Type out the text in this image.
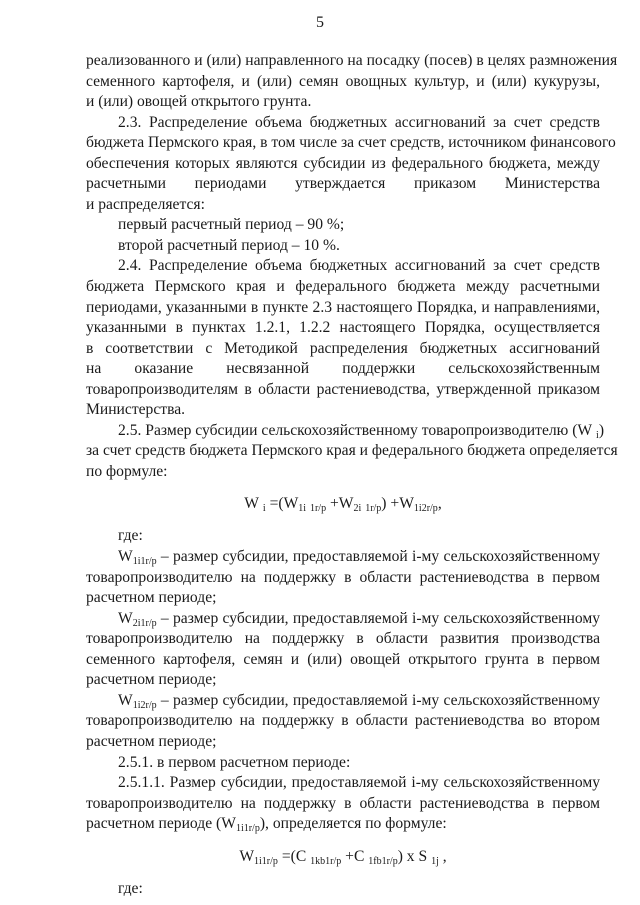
5
реализованного и (или) направленного на посадку (посев) в целях размножения
семенного картофеля, и (или) семян овощных культур, и (или) кукурузы,
и (или) овощей открытого грунта.
2.3. Распределение объема бюджетных ассигнований за счет средств
бюджета Пермского края, в том числе за счет средств, источником финансового
обеспечения которых являются субсидии из федерального бюджета, между
расчетными периодами утверждается приказом Министерства
и распределяется:
первый расчетный период – 90 %;
второй расчетный период – 10 %.
2.4. Распределение объема бюджетных ассигнований за счет средств
бюджета Пермского края и федерального бюджета между расчетными
периодами, указанными в пункте 2.3 настоящего Порядка, и направлениями,
указанными в пунктах 1.2.1, 1.2.2 настоящего Порядка, осуществляется
в соответствии с Методикой распределения бюджетных ассигнований
на оказание несвязанной поддержки сельскохозяйственным
товаропроизводителям в области растениеводства, утвержденной приказом
Министерства.
2.5. Размер субсидии сельскохозяйственному товаропроизводителю (W $_i$)
за счет средств бюджета Пермского края и федерального бюджета определяется
по формуле:
W $_i =(W_{1i}$ $_{1r/p} +W_{2i}$ $_{1r/p}) +W_{1i2r/p}$,
где:
$W_{1i1r/p}$ – размер субсидии, предоставляемой i-му сельскохозяйственному
товаропроизводителю на поддержку в области растениеводства в первом
расчетном периоде;
$W_{2i1r/p}$ – размер субсидии, предоставляемой i-му сельскохозяйственному
товаропроизводителю на поддержку в области развития производства
семенного картофеля, семян и (или) овощей открытого грунта в первом
расчетном периоде;
$W_{1i2r/p}$ – размер субсидии, предоставляемой i-му сельскохозяйственному
товаропроизводителю на поддержку в области растениеводства во втором
расчетном периоде;
2.5.1. в первом расчетном периоде:
2.5.1.1. Размер субсидии, предоставляемой i-му сельскохозяйственному
товаропроизводителю на поддержку в области растениеводства в первом
расчетном периоде $(W_{1i1r/p})$, определяется по формуле:
$W_{1i1r/p} =(C$ $_{1kb1r/p}$ +C $_{1fb1r/p}$) x S $_{1j}$ ,
где:
